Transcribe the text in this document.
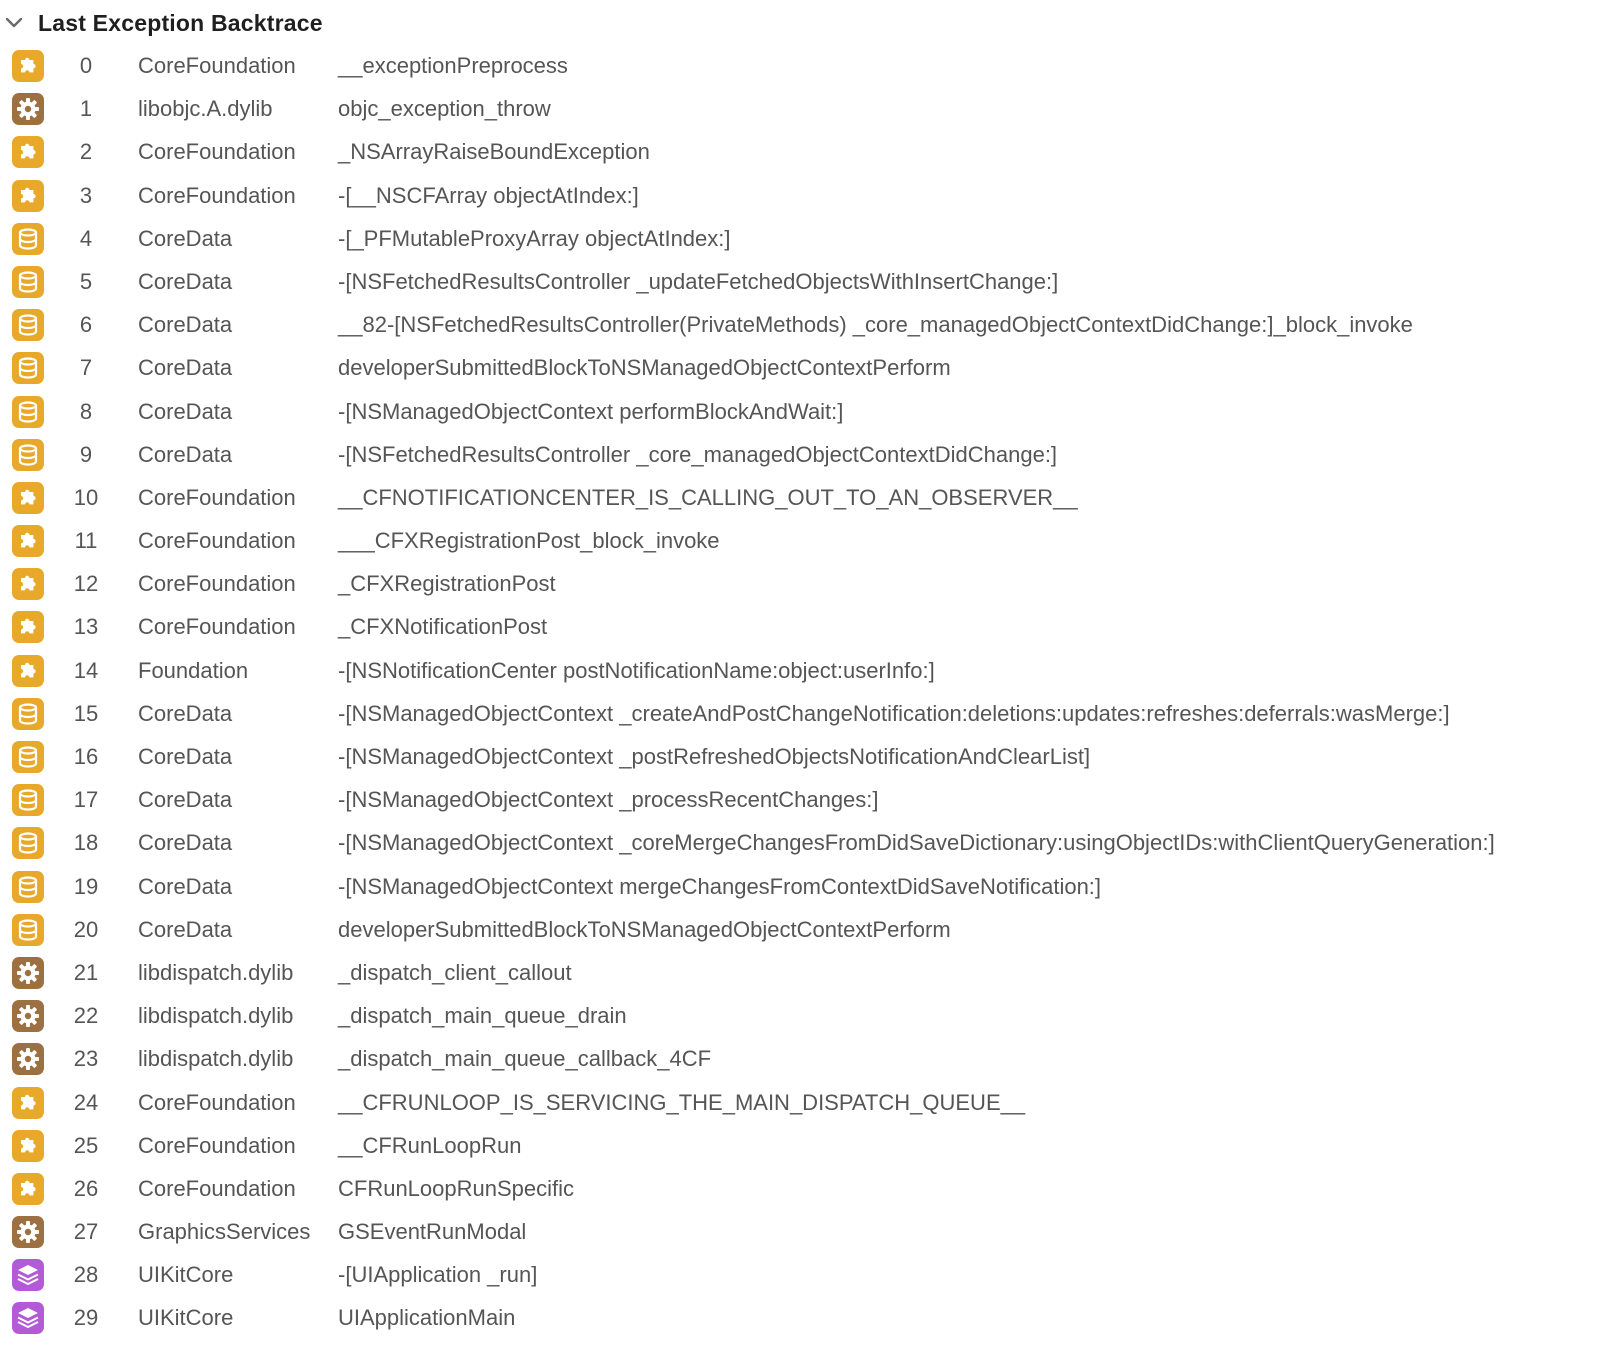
Last Exception Backtrace
0	CoreFoundation __exceptionPreprocess
1	libobjc.A.dylib	objc_exception_throw
2	CoreFoundation _NSArrayRaiseBoundException
3	CoreFoundation -[__NSCFArray objectAtIndex:]
4	CoreData	-[_PFMutableProxyArray objectAtIndex:]
5	CoreData	-[NSFetchedResultsController _updateFetchedObjectsWithInsertChange:]
6	CoreData	__82-[NSFetchedResultsController(PrivateMethods) _core_managedObjectContextDidChange:]_block_invoke
7	CoreData	developerSubmittedBlockToNSManagedObjectContextPerform
8	CoreData	-[NSManagedObjectContext performBlockAndWait:]
9	CoreData	-[NSFetchedResultsController _core_managedObjectContextDidChange:]
10	CoreFoundation __CFNOTIFICATIONCENTER_IS_CALLING_OUT_TO_AN_OBSERVER__
11	CoreFoundation ___CFXRegistrationPost_block_invoke
12	CoreFoundation _CFXRegistrationPost
13	CoreFoundation _CFXNotificationPost
14	Foundation	-[NSNotificationCenter postNotificationName:object:userInfo:]
15	CoreData	-[NSManagedObjectContext _createAndPostChangeNotification:deletions:updates:refreshes:deferrals:wasMerge:]
16	CoreData	-[NSManagedObjectContext _postRefreshedObjectsNotificationAndClearList]
17	CoreData	-[NSManagedObjectContext _processRecentChanges:]
18	CoreData	-[NSManagedObjectContext _coreMergeChangesFromDidSaveDictionary:usingObjectIDs:withClientQueryGeneration:]
19	CoreData	-[NSManagedObjectContext mergeChangesFromContextDidSaveNotification:]
20	CoreData	developerSubmittedBlockToNSManagedObjectContextPerform
21	libdispatch.dylib _dispatch_client_callout
22	libdispatch.dylib _dispatch_main_queue_drain
23	libdispatch.dylib _dispatch_main_queue_callback_4CF
24	CoreFoundation __CFRUNLOOP_IS_SERVICING_THE_MAIN_DISPATCH_QUEUE__
25	CoreFoundation __CFRunLoopRun
26	CoreFoundation CFRunLoopRunSpecific
27	GraphicsServices GSEventRunModal
28	UIKitCore	-[UIApplication _run]
29	UIKitCore	UIApplicationMain
